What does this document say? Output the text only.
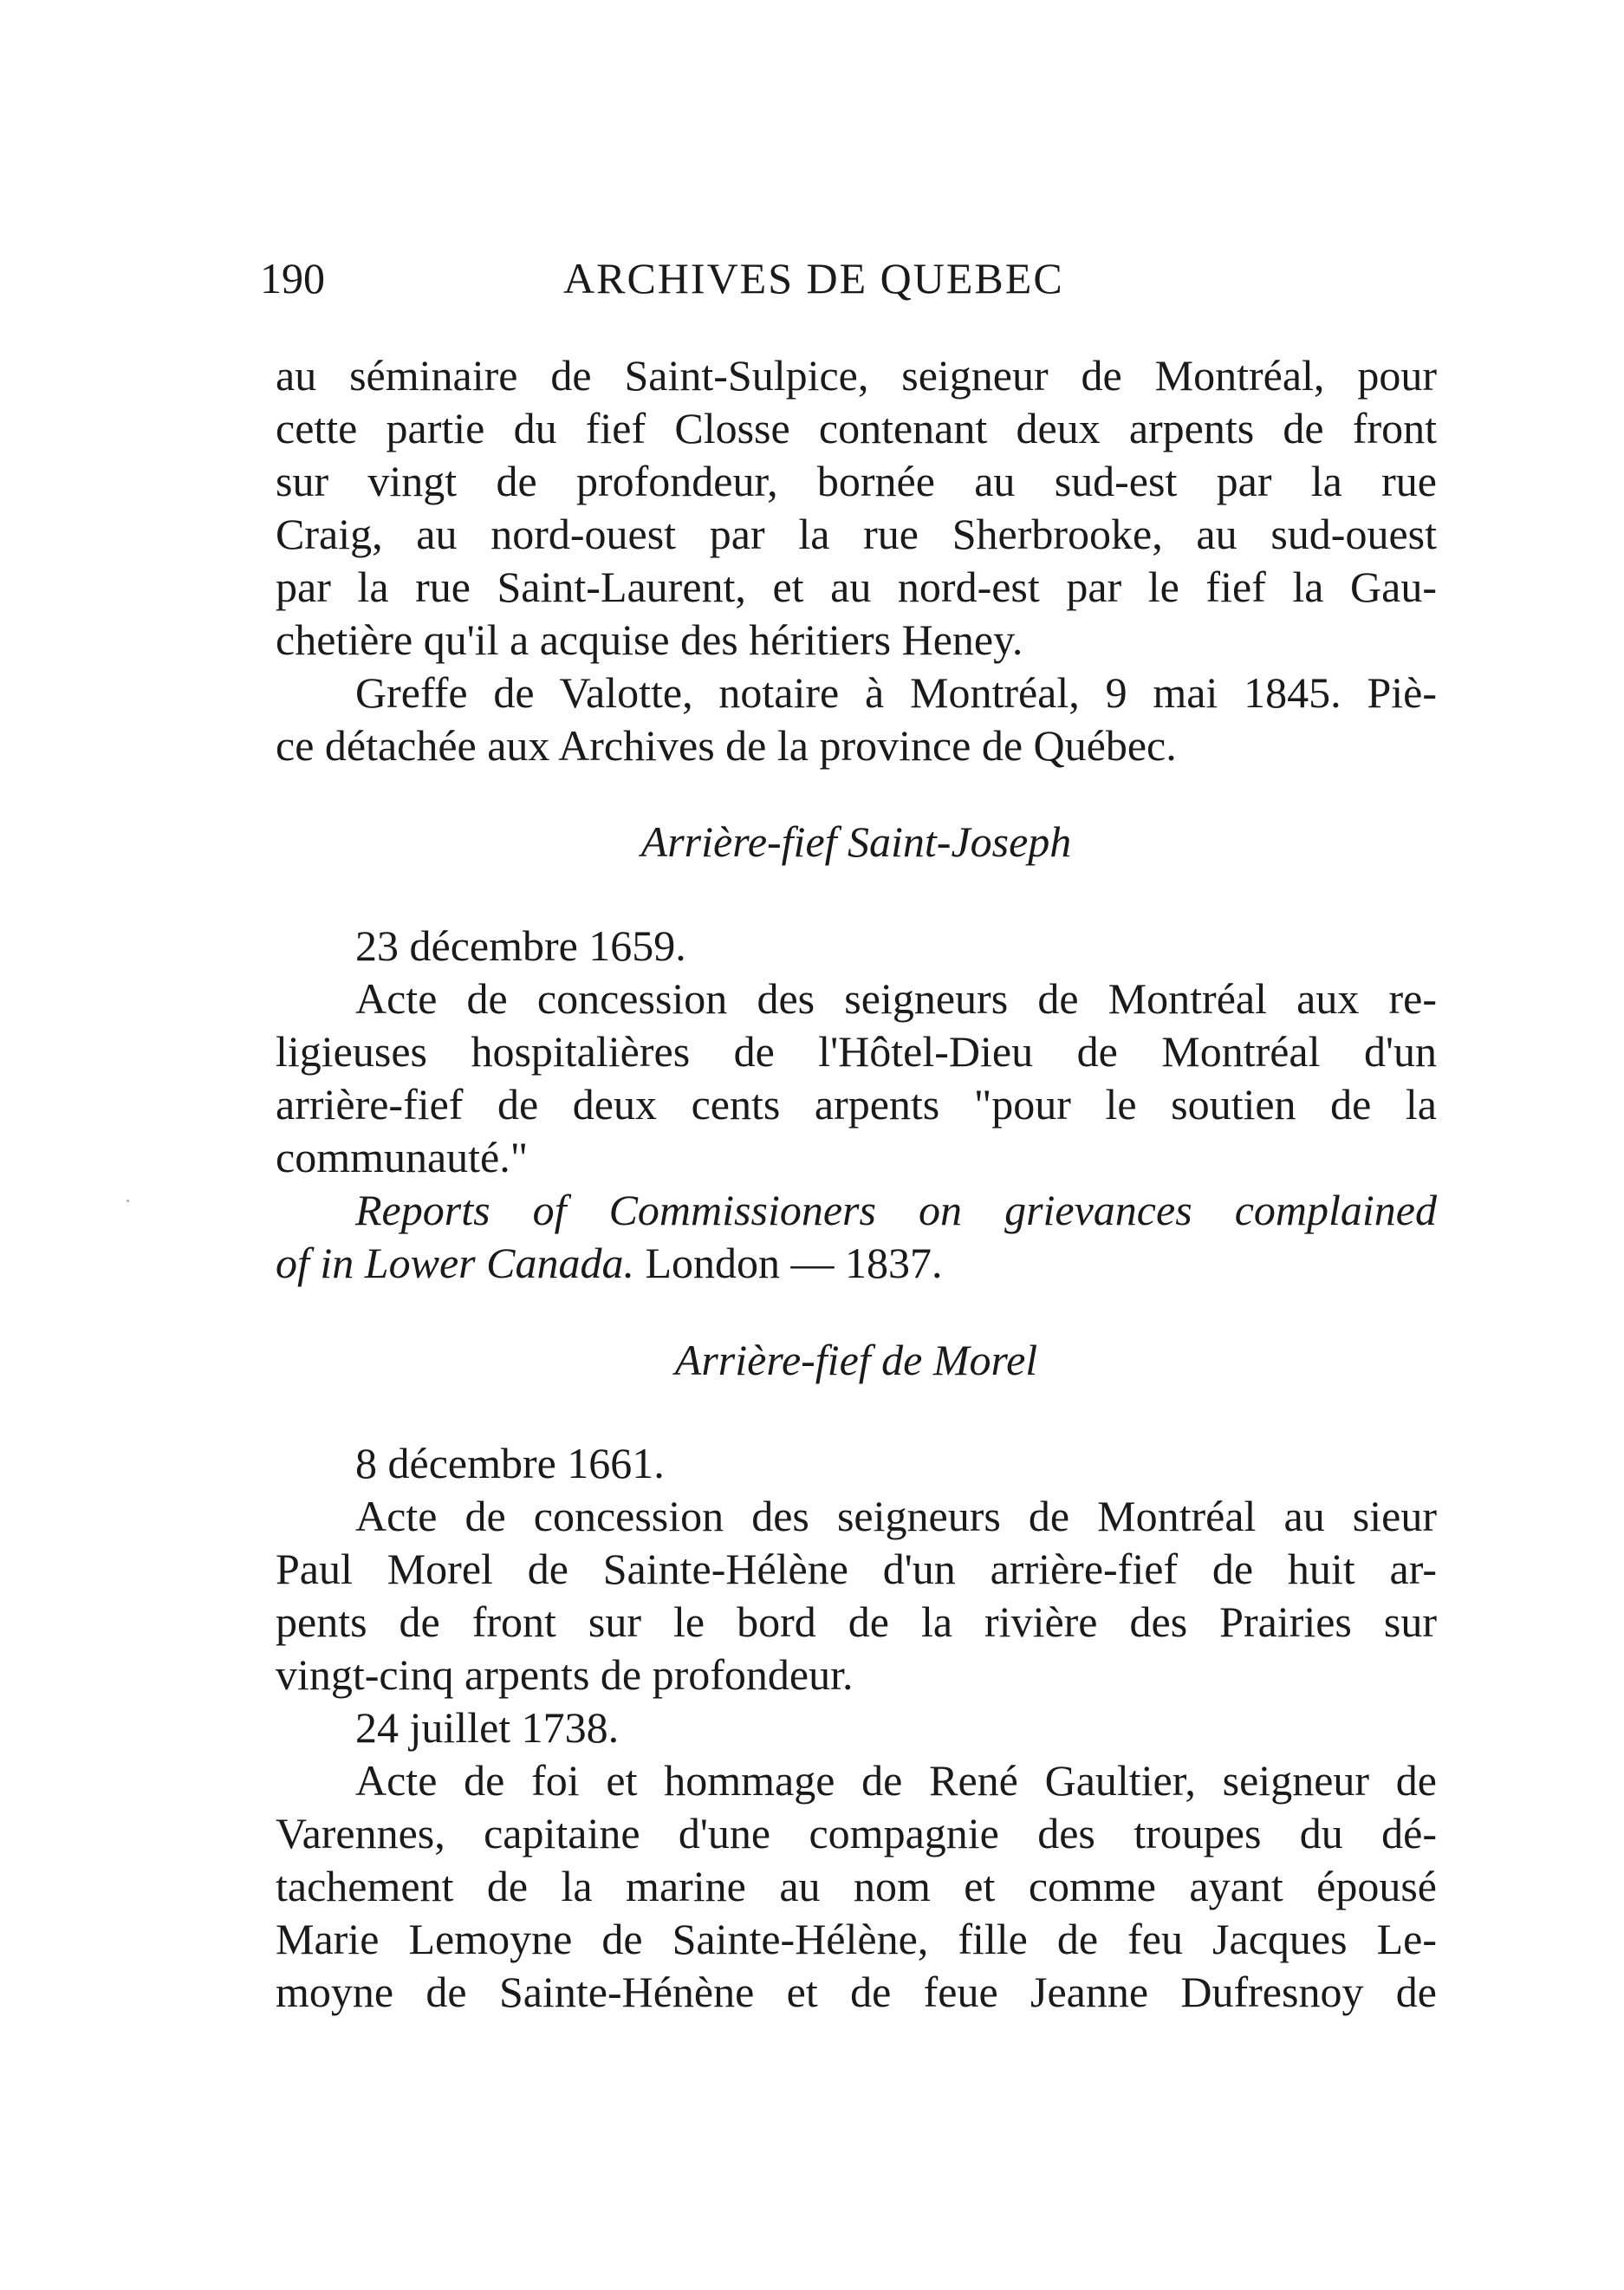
190	ARCHIVES DE QUEBEC
au séminaire de Saint-Sulpice, seigneur de Montréal, pour
cette partie du fief Closse contenant deux arpents de front
sur vingt de profondeur, bornée au sud-est par la rue
Craig, au nord-ouest par la rue Sherbrooke, au sud-ouest
par la rue Saint-Laurent, et au nord-est par le fief la Gau-
chetière qu'il a acquise des héritiers Heney.
Greffe de Valotte, notaire à Montréal, 9 mai 1845. Piè-
ce détachée aux Archives de la province de Québec.
Arrière-fief Saint-Joseph
23 décembre 1659.
Acte de concession des seigneurs de Montréal aux re-
ligieuses hospitalières de l'Hôtel-Dieu de Montréal d'un
arrière-fief de deux cents arpents "pour le soutien de la
communauté."
Reports of Commissioners on grievances complained
of in Lower Canada. London — 1837.
Arrière-fief de Morel
8 décembre 1661.
Acte de concession des seigneurs de Montréal au sieur
Paul Morel de Sainte-Hélène d'un arrière-fief de huit ar-
pents de front sur le bord de la rivière des Prairies sur
vingt-cinq arpents de profondeur.
24 juillet 1738.
Acte de foi et hommage de René Gaultier, seigneur de
Varennes, capitaine d'une compagnie des troupes du dé-
tachement de la marine au nom et comme ayant épousé
Marie Lemoyne de Sainte-Hélène, fille de feu Jacques Le-
moyne de Sainte-Hénène et de feue Jeanne Dufresnoy de
